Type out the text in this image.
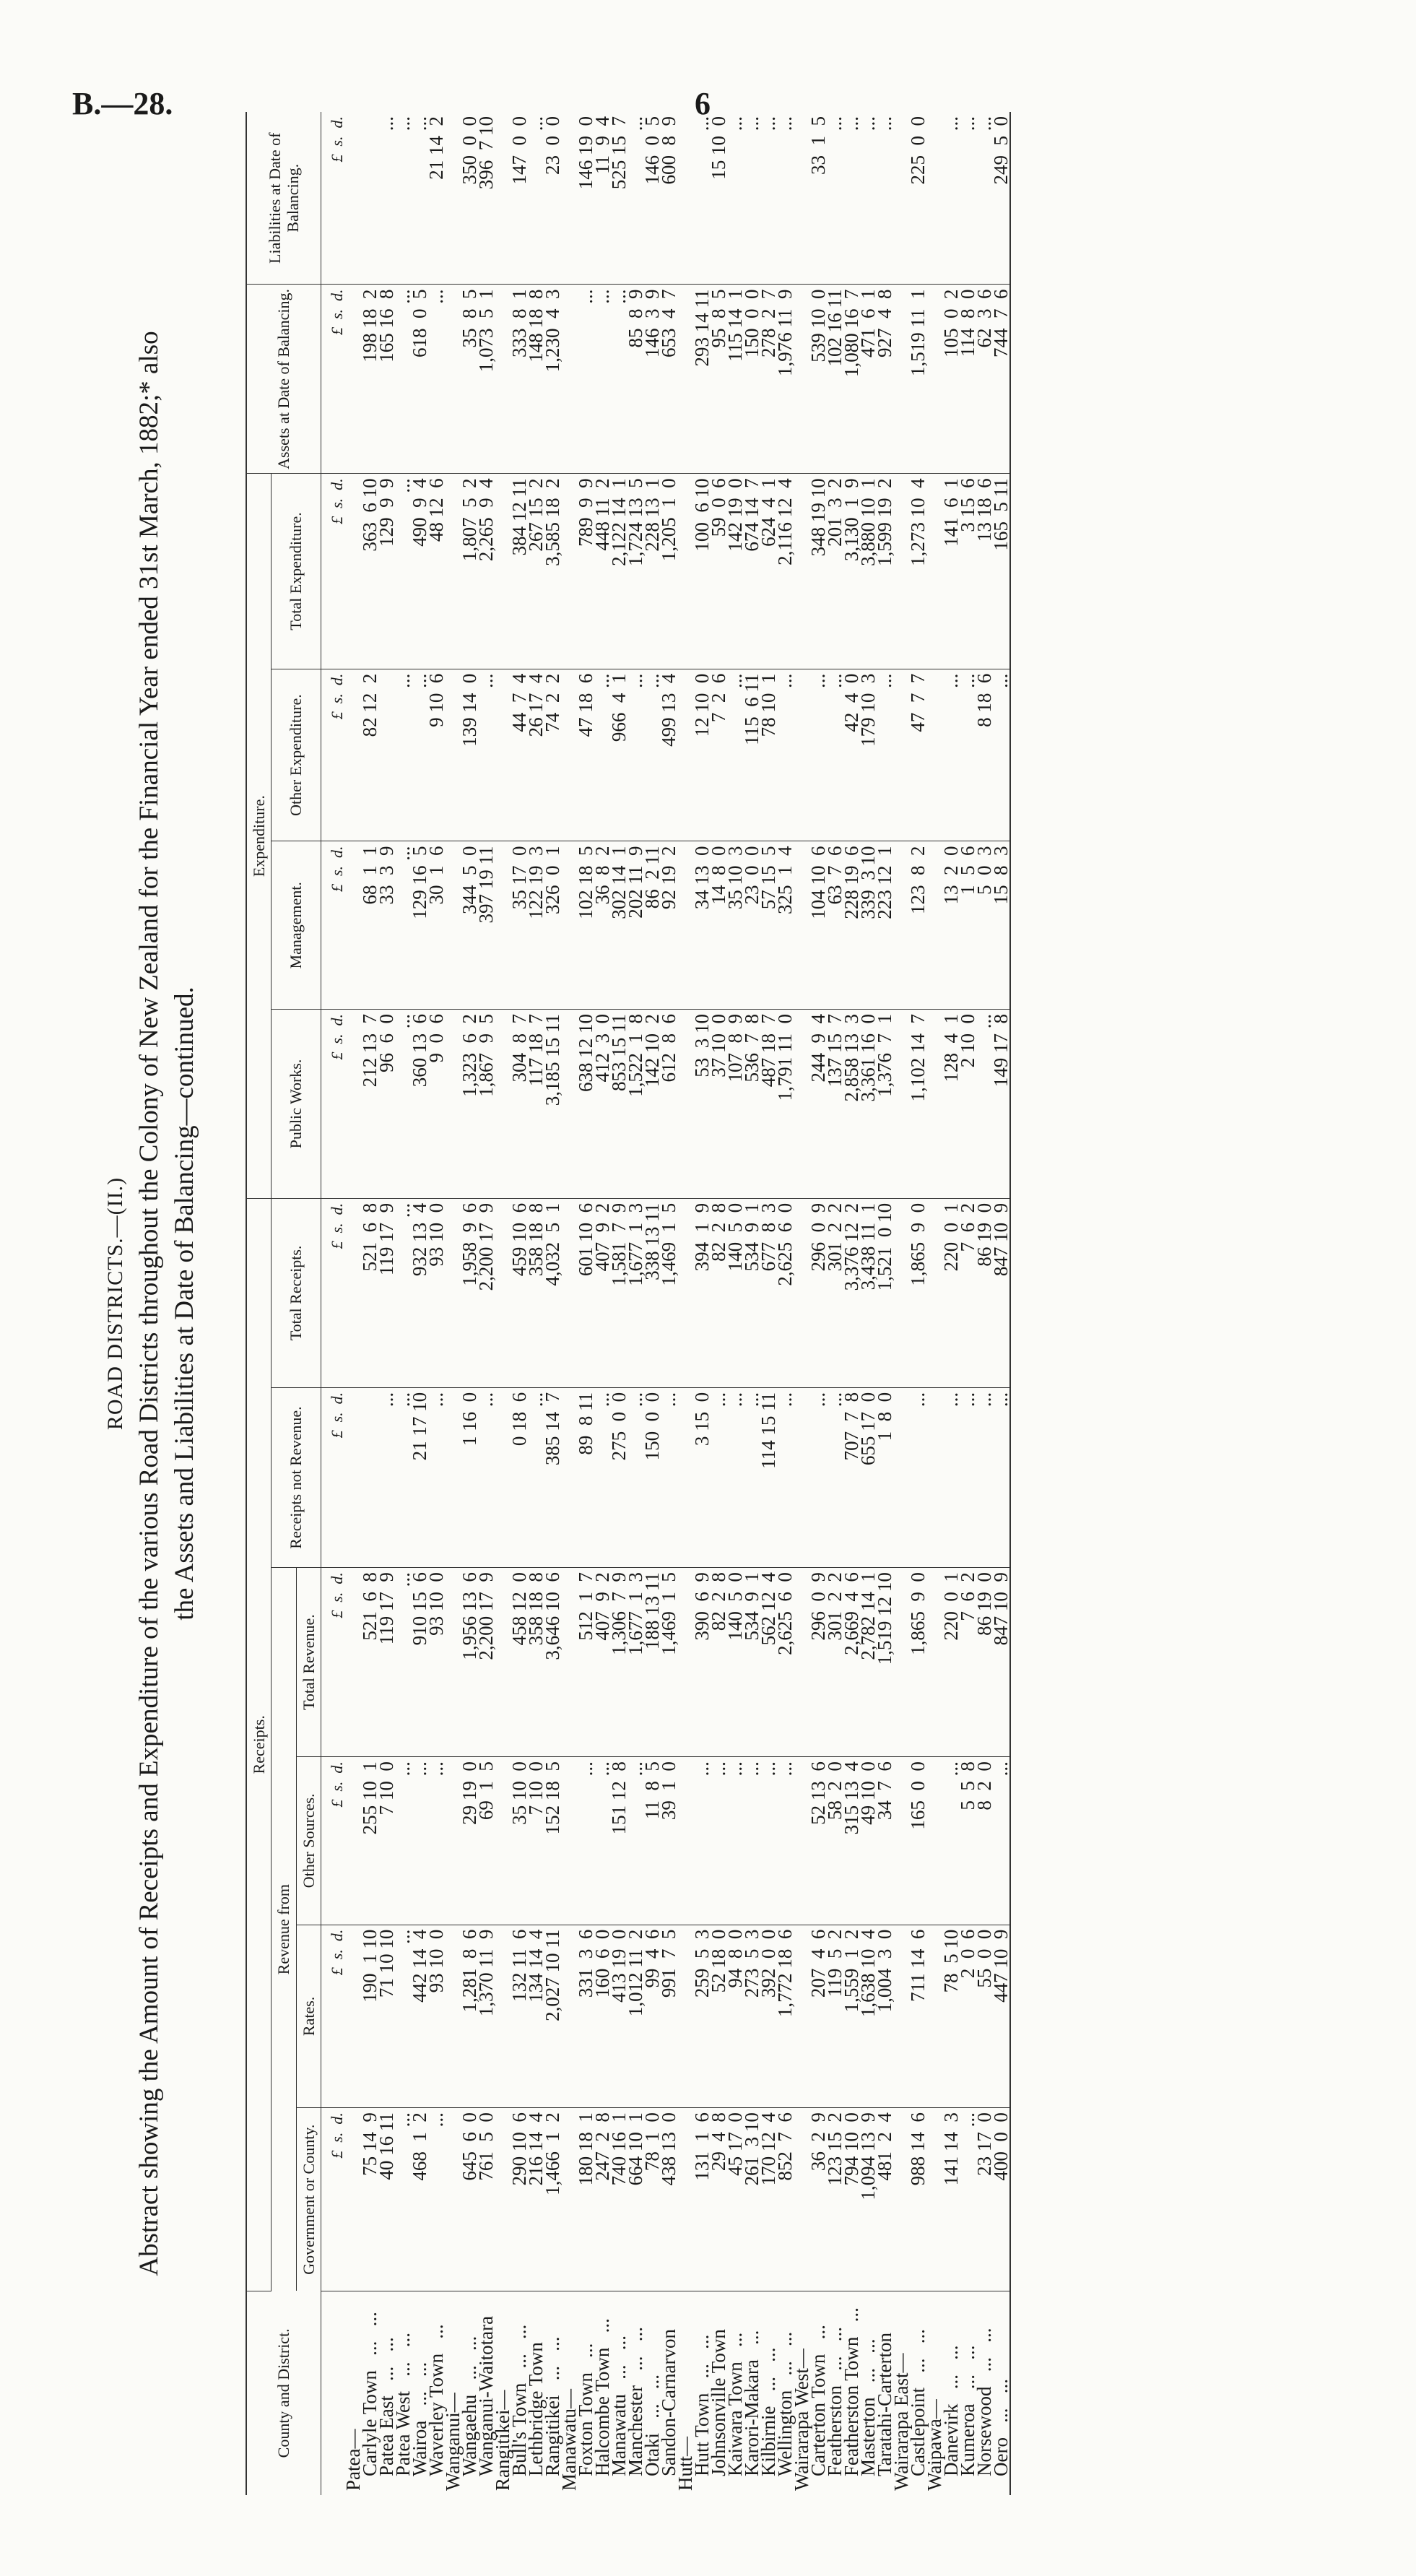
B.—28.	6
ROAD DISTRICTS.—(II.) Abstract showing the Amount of Receipts and Expenditure of the various Road Districts throughout the Colony of New Zealand for the Financial Year ended 31st March, 1882;* also the Assets and Liabilities at Date of Balancing—continued.
County and District.	Receipts.						Expenditure.				Assets at Date of Balancing.	Liabilities at Date of Balancing.
	Revenue from				Receipts not Revenue.	Total Receipts.	Public Works.	Management.	Other Expenditure.	Total Expenditure.		
	Government or County.	Rates.	Other Sources.	Total Revenue.								
	£  s.  d.	£  s.  d.	£  s.  d.	£  s.  d.	£  s.  d.	£  s.  d.	£  s.  d.	£  s.  d.	£  s.  d.	£  s.  d.	£  s.  d.	£  s.  d.
Patea—												
Carlyle Town   ...   ...	75 14  9	190  1 10	255 10  1	521  6  8		521  6  8	212 13  7	68  1  1	82 12  2	363  6 10	198 18  2	
Patea East   ...   ...	40 16 11	71 10 10	7 10  0	119 17  9	...	119 17  9	96  6  0	33  3  9		129  9  9	165 16  8	...
Patea West   ...   ...	...	...	...	...	...	...	...	...	...	...	...	...
Wairoa   ...   ...	468  1  2	442 14  4	...	910 15  6	21 17 10	932 13  4	360 13  6	129 16  5	...	490  9  4	618  0  5	...
Waverley Town   ...	...	93 10  0	...	93 10  0	...	93 10  0	9  0  6	30  1  6	9 10  6	48 12  6	...	21 14  2
Wanganui—												
Wangaehu   ...   ...	645  6  0	1,281  8  6	29 19  0	1,956 13  6	1 16  0	1,958  9  6	1,323  6  2	344  5  0	139 14  0	1,807  5  2	35  8  5	350  0  0
Wanganui-Waitotara	761  5  0	1,370 11  9	69  1  5	2,200 17  9	...	2,200 17  9	1,867  9  5	397 19 11	...	2,265  9  4	1,073  5  1	396  7 10
Rangitikei—												
Bull's Town   ...   ...	290 10  6	132 11  6	35 10  0	458 12  0	0 18  6	459 10  6	304  8  7	35 17  0	44  7  4	384 12 11	333  8  1	147  0  0
Lethbridge Town	216 14  4	134 14  4	7 10  0	358 18  8	...	358 18  8	117 18  7	122 19  3	26 17  4	267 15  2	148 18  8	...
Rangitikei   ...   ...	1,466  1  2	2,027 10 11	152 18  5	3,646 10  6	385 14  7	4,032  5  1	3,185 15 11	326  0  1	74  2  2	3,585 18  2	1,230  4  3	23  0  0
Manawatu—												
Foxton Town   ...	180 18  1	331  3  6	...	512  1  7	89  8 11	601 10  6	638 12 10	102 18  5	47 18  6	789  9  9	...	146 19  0
Halcombe Town   ...	247  2  8	160  6  0	...	407  9  2	...	407  9  2	412  3  0	36  8  2	...	448 11  2	...	11  9  4
Manawatu   ...   ...	740 16  1	413 19  0	151 12  8	1,306  7  9	275  0  0	1,581  7  9	853 15 11	302 14  1	966  4  1	2,122 14  1	...	525 15  7
Manchester   ...   ...	664 10  1	1,012 11  2	...	1,677  1  3	...	1,677  1  3	1,522  1  8	202 11  9	...	1,724 13  5	85  8  9	...
Otaki   ...   ...	78  1  0	99  4  6	11  8  5	188 13 11	150  0  0	338 13 11	142 10  2	86  2 11	...	228 13  1	146  3  9	146  0  5
Sandon-Carnarvon	438 13  0	991  7  5	39  1  0	1,469  1  5	...	1,469  1  5	612  8  6	92 19  2	499 13  4	1,205  1  0	653  4  7	600  8  9
Hutt—												
Hutt Town   ...   ...	131  1  6	259  5  3	...	390  6  9	3 15  0	394  1  9	53  3 10	34 13  0	12 10  0	100  6 10	293 14 11	...
Johnsonville Town	29  4  8	52 18  0	...	82  2  8	...	82  2  8	37 10  0	14  8  0	7  2  6	59  0  6	95  8  5	15 10  0
Kaiwara Town   ...	45 17  0	94  8  0	...	140  5  0	...	140  5  0	107  8  9	35 10  3	...	142 19  0	115 14  1	...
Karori-Makara   ...	261  3 10	273  5  3	...	534  9  1	...	534  9  1	536  7  8	23  0  0	115  6 11	674 14  7	150  0  0	...
Kilbirnie   ...   ...	170 12  4	392  0  0	...	562 12  4	114 15 11	677  8  3	487 18  7	57 15  5	78 10  1	624  4  1	278  2  7	...
Wellington   ...   ...	852  7  6	1,772 18  6	...	2,625  6  0	...	2,625  6  0	1,791 11  0	325  1  4	...	2,116 12  4	1,976 11  9	...
Wairarapa West—												
Carterton Town   ...	36  2  9	207  4  6	52 13  6	296  0  9	...	296  0  9	244  9  4	104 10  6	...	348 19 10	539 10  0	33  1  5
Featherston   ...   ...	123 15  2	119  5  2	58  2  0	301  2  2	...	301  2  2	137 15  7	63  7  6	...	201  3  2	102 16 11	...
Featherston Town   ...	794 10  0	1,559  1  2	315 13  4	2,669  4  6	707  7  8	3,376 12  2	2,858 13  3	228 19  6	42  4  0	3,130  1  9	1,080 16  7	...
Masterton   ...   ...	1,094 13  9	1,638 10  4	49 10  0	2,782 14  1	655 17  0	3,438 11  1	3,361 16  0	339  3 10	179 10  3	3,880 10  1	471  6  1	...
Taratahi-Carterton	481  2  4	1,004  3  0	34  7  6	1,519 12 10	1  8  0	1,521  0 10	1,376  7  1	223 12  1	...	1,599 19  2	927  4  8	...
Wairarapa East—												
Castlepoint   ...   ...	988 14  6	711 14  6	165  0  0	1,865  9  0	...	1,865  9  0	1,102 14  7	123  8  2	47  7  7	1,273 10  4	1,519 11  1	225  0  0
Waipawa—												
Danevirk   ...   ...	141 14  3	78  5 10	...	220  0  1	...	220  0  1	128  4  1	13  2  0	...	141  6  1	105  0  2	...
Kumeroa   ...   ...	...	2  0  6	5  5  8	7  6  2	...	7  6  2	2 10  0	1  5  6	...	3 15  6	114  8  0	...
Norsewood   ...   ...	23 17  0	55  0  0	8  2  0	86 19  0	...	86 19  0	...	5  0  3	8 18  6	13 18  6	62  3  6	...
Oero   ...   ...	400  0  0	447 10  9	...	847 10  9	...	847 10  9	149 17  8	15  8  3	...	165  5 11	744  7  6	249  5  0
